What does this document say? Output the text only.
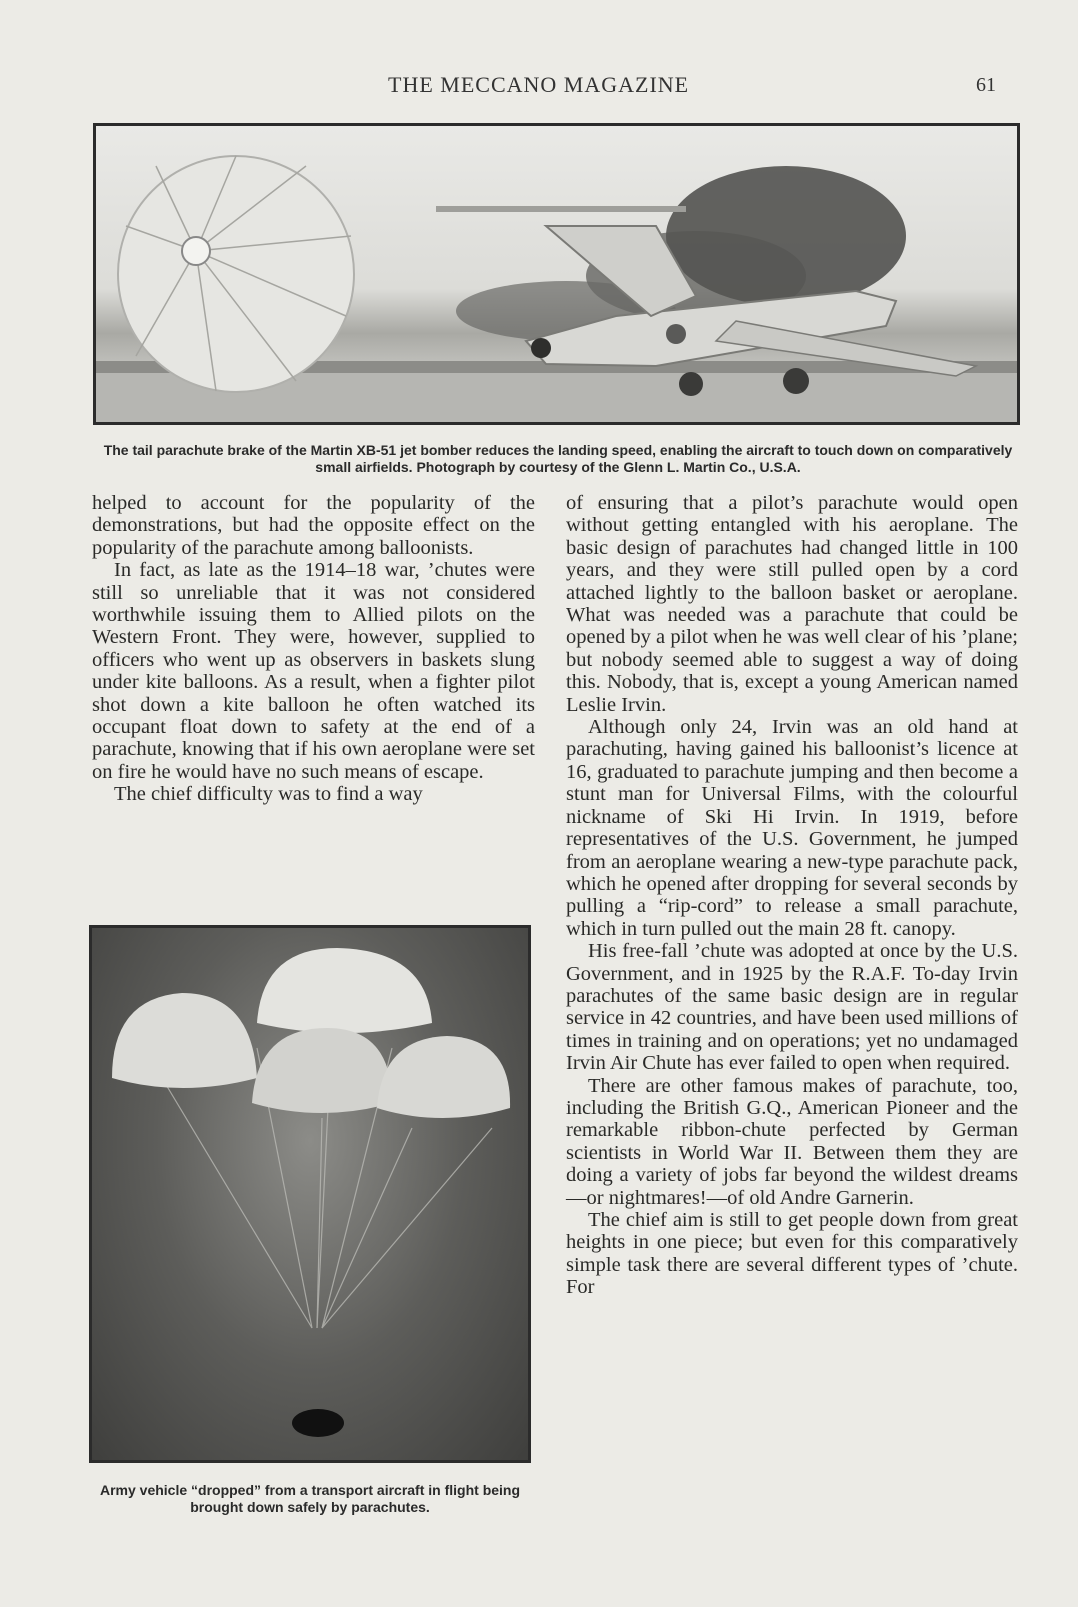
THE MECCANO MAGAZINE	61
The tail parachute brake of the Martin XB-51 jet bomber reduces the landing speed, enabling the aircraft to touch down on comparatively small airfields. Photograph by courtesy of the Glenn L. Martin Co., U.S.A.

helped to account for the popularity of the demonstrations, but had the opposite effect on the popularity of the parachute among balloonists.

In fact, as late as the 1914–18 war, ’chutes were still so unreliable that it was not considered worthwhile issuing them to Allied pilots on the Western Front. They were, however, supplied to officers who went up as observers in baskets slung under kite balloons. As a result, when a fighter pilot shot down a kite balloon he often watched its occupant float down to safety at the end of a parachute, knowing that if his own aeroplane were set on fire he would have no such means of escape.

The chief difficulty was to find a way

Army vehicle “dropped” from a transport aircraft in flight being brought down safely by parachutes.

of ensuring that a pilot’s parachute would open without getting entangled with his aeroplane. The basic design of parachutes had changed little in 100 years, and they were still pulled open by a cord attached lightly to the balloon basket or aeroplane. What was needed was a parachute that could be opened by a pilot when he was well clear of his ’plane; but nobody seemed able to suggest a way of doing this. Nobody, that is, except a young American named Leslie Irvin.

Although only 24, Irvin was an old hand at parachuting, having gained his balloonist’s licence at 16, graduated to parachute jumping and then become a stunt man for Universal Films, with the colourful nickname of Ski Hi Irvin. In 1919, before representatives of the U.S. Government, he jumped from an aeroplane wearing a new-type parachute pack, which he opened after dropping for several seconds by pulling a “rip-cord” to release a small parachute, which in turn pulled out the main 28 ft. canopy.

His free-fall ’chute was adopted at once by the U.S. Government, and in 1925 by the R.A.F. To-day Irvin parachutes of the same basic design are in regular service in 42 countries, and have been used millions of times in training and on operations; yet no undamaged Irvin Air Chute has ever failed to open when required.

There are other famous makes of parachute, too, including the British G.Q., American Pioneer and the remarkable ribbon-chute perfected by German scientists in World War II. Between them they are doing a variety of jobs far beyond the wildest dreams—or nightmares!—of old Andre Garnerin.

The chief aim is still to get people down from great heights in one piece; but even for this comparatively simple task there are several different types of ’chute. For
